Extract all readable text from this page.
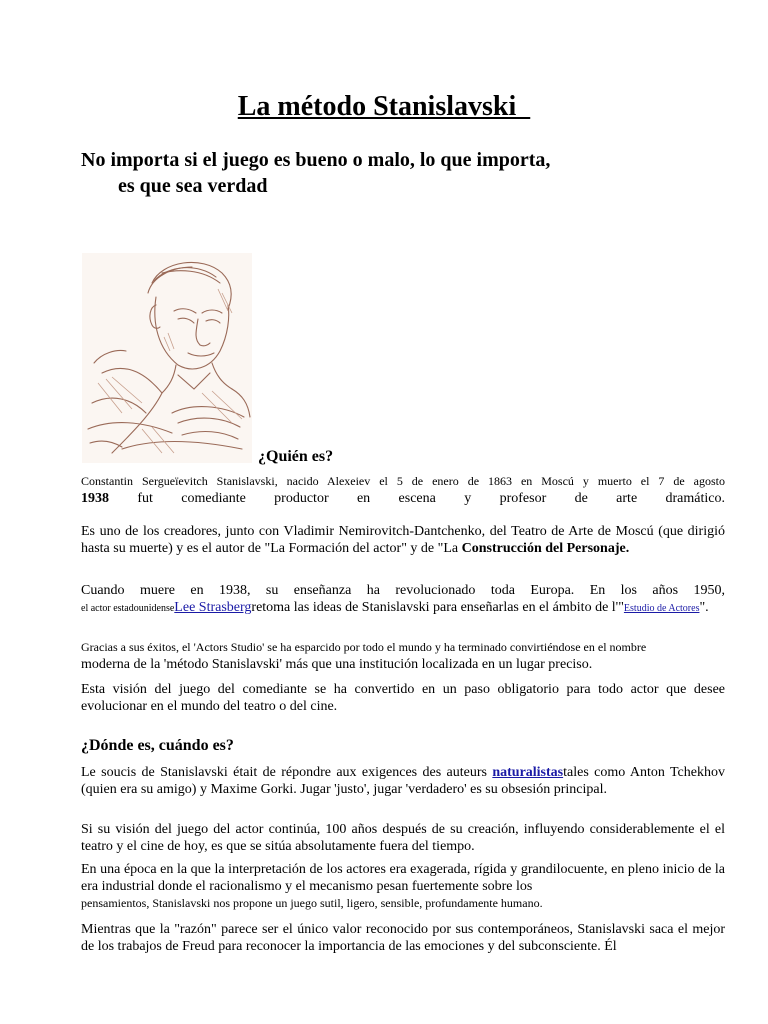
La método Stanislavski

No importa si el juego es bueno o malo, lo que importa,
es que sea verdad

¿Quién es?

Constantin Sergueïevitch Stanislavski, nacido Alexeiev el 5 de enero de 1863 en Moscú y muerto el 7 de agosto

1938 fut comediante productor en escena y profesor de arte dramático.

Es uno de los creadores, junto con Vladimir Nemirovitch-Dantchenko, del Teatro de Arte de Moscú (que dirigió hasta su muerte) y es el autor de "La Formación del actor" y de "La Construcción del Personaje.

Cuando muere en 1938, su enseñanza ha revolucionado toda Europa. En los años 1950,

el actor estadounidenseLee Strasbergretoma las ideas de Stanislavski para enseñarlas en el ámbito de l'"Estudio de Actores".

Gracias a sus éxitos, el 'Actors Studio' se ha esparcido por todo el mundo y ha terminado convirtiéndose en el nombre

moderna de la 'método Stanislavski' más que una institución localizada en un lugar preciso.

Esta visión del juego del comediante se ha convertido en un paso obligatorio para todo actor que desee evolucionar en el mundo del teatro o del cine.

¿Dónde es, cuándo es?

Le soucis de Stanislavski était de répondre aux exigences des auteurs naturalistastales como Anton Tchekhov (quien era su amigo) y Maxime Gorki. Jugar 'justo', jugar 'verdadero' es su obsesión principal.

Si su visión del juego del actor continúa, 100 años después de su creación, influyendo considerablemente el el teatro y el cine de hoy, es que se sitúa absolutamente fuera del tiempo.

En una época en la que la interpretación de los actores era exagerada, rígida y grandilocuente, en pleno inicio de la era industrial donde el racionalismo y el mecanismo pesan fuertemente sobre los

pensamientos, Stanislavski nos propone un juego sutil, ligero, sensible, profundamente humano.

Mientras que la "razón" parece ser el único valor reconocido por sus contemporáneos, Stanislavski saca el mejor de los trabajos de Freud para reconocer la importancia de las emociones y del subconsciente. Él
